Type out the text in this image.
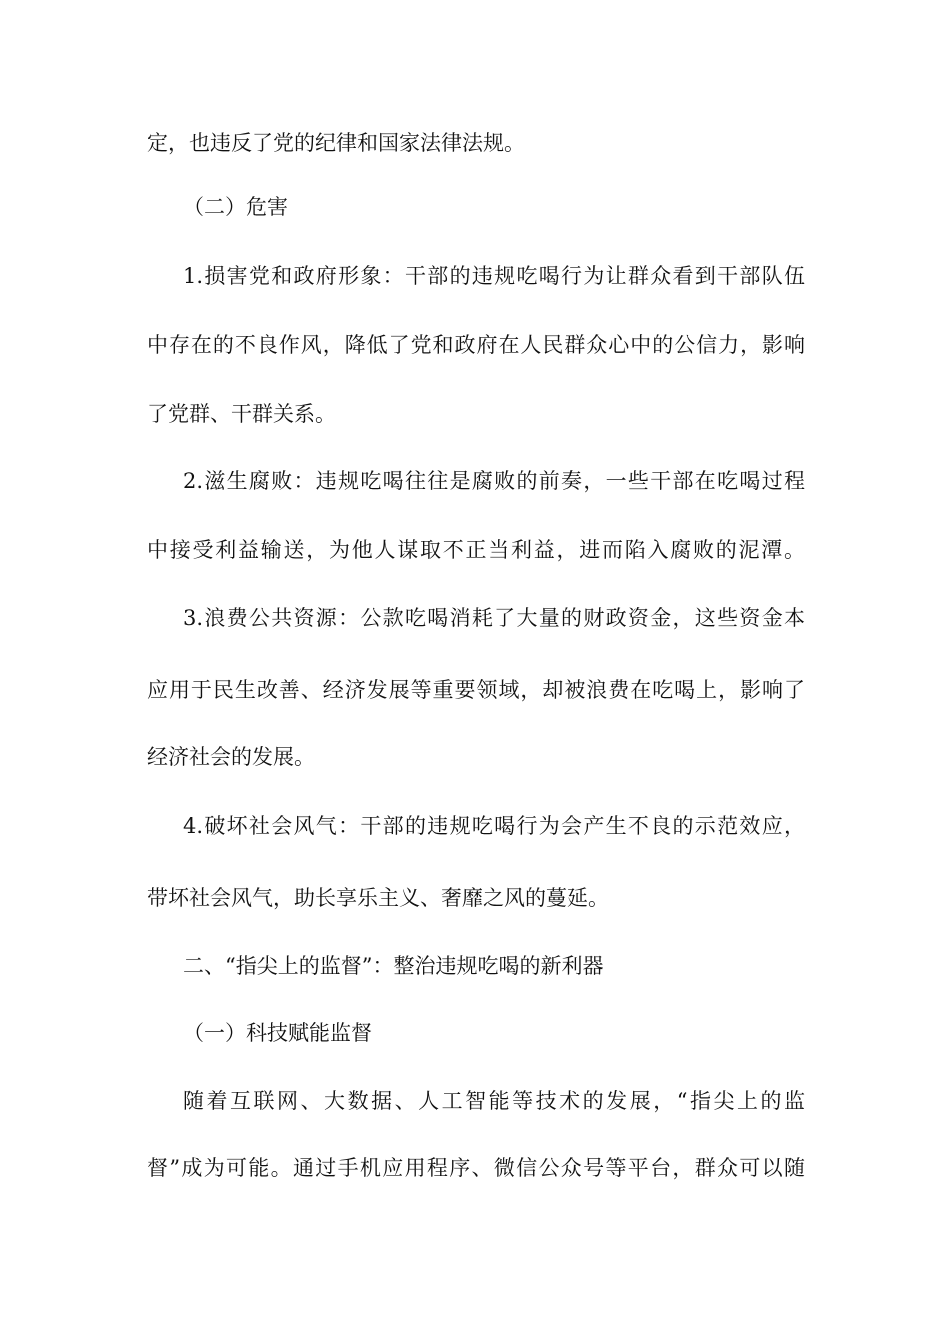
定，也违反了党的纪律和国家法律法规。
（二）危害
1.损害党和政府形象：干部的违规吃喝行为让群众看到干部队伍
中存在的不良作风，降低了党和政府在人民群众心中的公信力，影响
了党群、干群关系。
2.滋生腐败：违规吃喝往往是腐败的前奏，一些干部在吃喝过程
中接受利益输送，为他人谋取不正当利益，进而陷入腐败的泥潭。
3.浪费公共资源：公款吃喝消耗了大量的财政资金，这些资金本
应用于民生改善、经济发展等重要领域，却被浪费在吃喝上，影响了
经济社会的发展。
4.破坏社会风气：干部的违规吃喝行为会产生不良的示范效应，
带坏社会风气，助长享乐主义、奢靡之风的蔓延。
二、“指尖上的监督”：整治违规吃喝的新利器
（一）科技赋能监督
随着互联网、大数据、人工智能等技术的发展，“指尖上的监
督”成为可能。通过手机应用程序、微信公众号等平台，群众可以随
